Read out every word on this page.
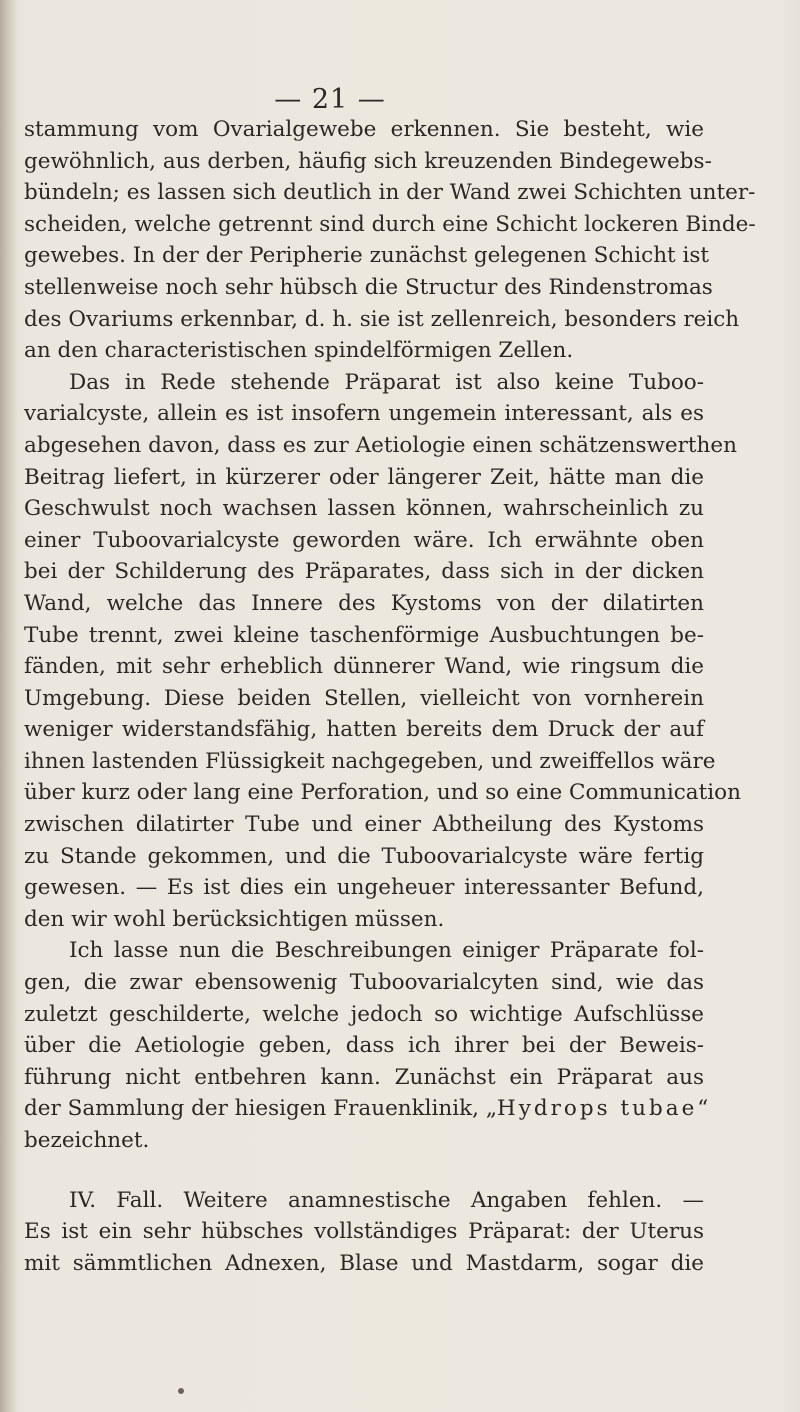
— 21 —
stammung vom Ovarialgewebe erkennen. Sie besteht, wie
gewöhnlich, aus derben, häufig sich kreuzenden Bindegewebs-
bündeln; es lassen sich deutlich in der Wand zwei Schichten unter-
scheiden, welche getrennt sind durch eine Schicht lockeren Binde-
gewebes. In der der Peripherie zunächst gelegenen Schicht ist
stellenweise noch sehr hübsch die Structur des Rindenstromas
des Ovariums erkennbar, d. h. sie ist zellenreich, besonders reich
an den characteristischen spindelförmigen Zellen.
Das in Rede stehende Präparat ist also keine Tuboo-
varialcyste, allein es ist insofern ungemein interessant, als es
abgesehen davon, dass es zur Aetiologie einen schätzenswerthen
Beitrag liefert, in kürzerer oder längerer Zeit, hätte man die
Geschwulst noch wachsen lassen können, wahrscheinlich zu
einer Tuboovarialcyste geworden wäre. Ich erwähnte oben
bei der Schilderung des Präparates, dass sich in der dicken
Wand, welche das Innere des Kystoms von der dilatirten
Tube trennt, zwei kleine taschenförmige Ausbuchtungen be-
fänden, mit sehr erheblich dünnerer Wand, wie ringsum die
Umgebung. Diese beiden Stellen, vielleicht von vornherein
weniger widerstandsfähig, hatten bereits dem Druck der auf
ihnen lastenden Flüssigkeit nachgegeben, und zweiffellos wäre
über kurz oder lang eine Perforation, und so eine Communication
zwischen dilatirter Tube und einer Abtheilung des Kystoms
zu Stande gekommen, und die Tuboovarialcyste wäre fertig
gewesen. — Es ist dies ein ungeheuer interessanter Befund,
den wir wohl berücksichtigen müssen.
Ich lasse nun die Beschreibungen einiger Präparate fol-
gen, die zwar ebensowenig Tuboovarialcyten sind, wie das
zuletzt geschilderte, welche jedoch so wichtige Aufschlüsse
über die Aetiologie geben, dass ich ihrer bei der Beweis-
führung nicht entbehren kann. Zunächst ein Präparat aus
der Sammlung der hiesigen Frauenklinik, „Hydrops tubae“
bezeichnet.
IV. Fall. Weitere anamnestische Angaben fehlen. —
Es ist ein sehr hübsches vollständiges Präparat: der Uterus
mit sämmtlichen Adnexen, Blase und Mastdarm, sogar die
